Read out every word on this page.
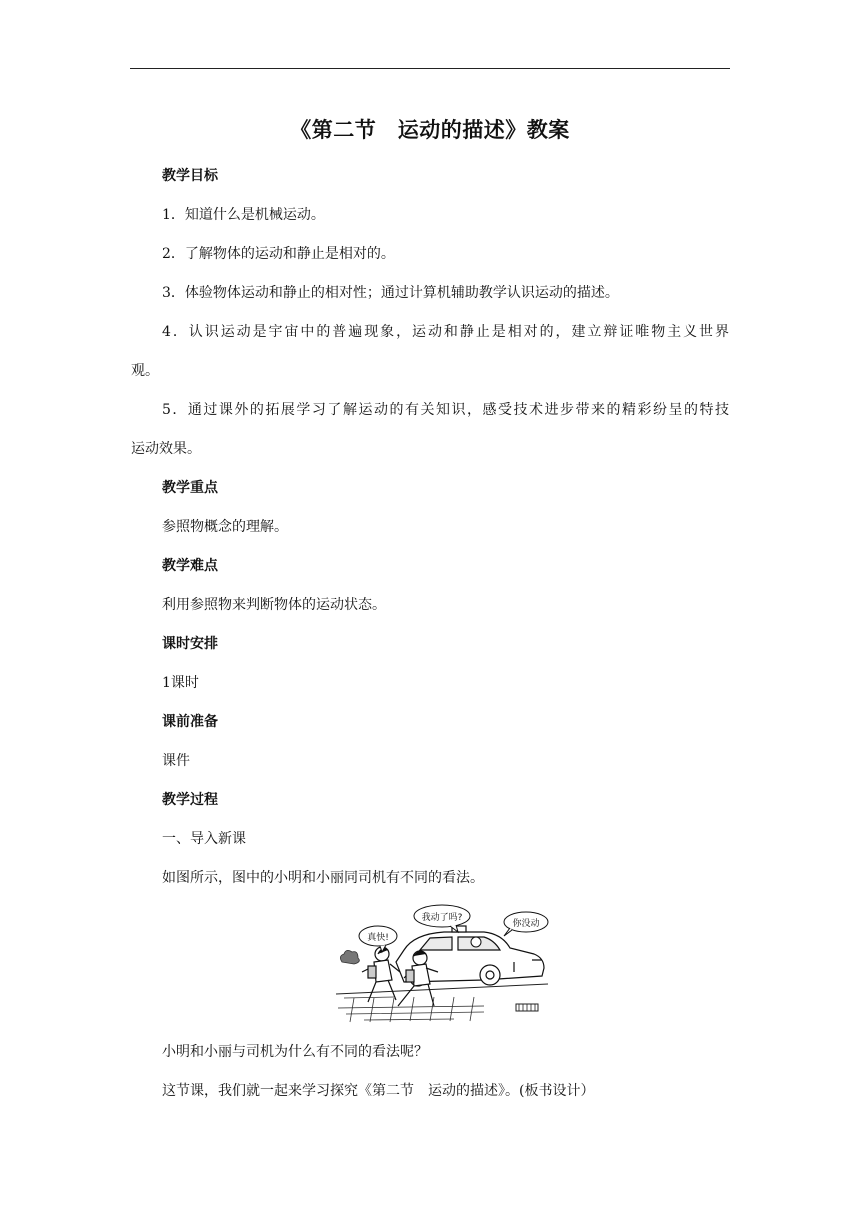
《第二节　运动的描述》教案
教学目标
1．知道什么是机械运动。
2．了解物体的运动和静止是相对的。
3．体验物体运动和静止的相对性；通过计算机辅助教学认识运动的描述。
4．认识运动是宇宙中的普遍现象，运动和静止是相对的，建立辩证唯物主义世界
观。
5．通过课外的拓展学习了解运动的有关知识，感受技术进步带来的精彩纷呈的特技
运动效果。
教学重点
参照物概念的理解。
教学难点
利用参照物来判断物体的运动状态。
课时安排
1课时
课前准备
课件
教学过程
一、导入新课
如图所示，图中的小明和小丽同司机有不同的看法。
真快!
我动了吗?
你没动
小明和小丽与司机为什么有不同的看法呢？
这节课，我们就一起来学习探究《第二节　运动的描述》。(板书设计）
